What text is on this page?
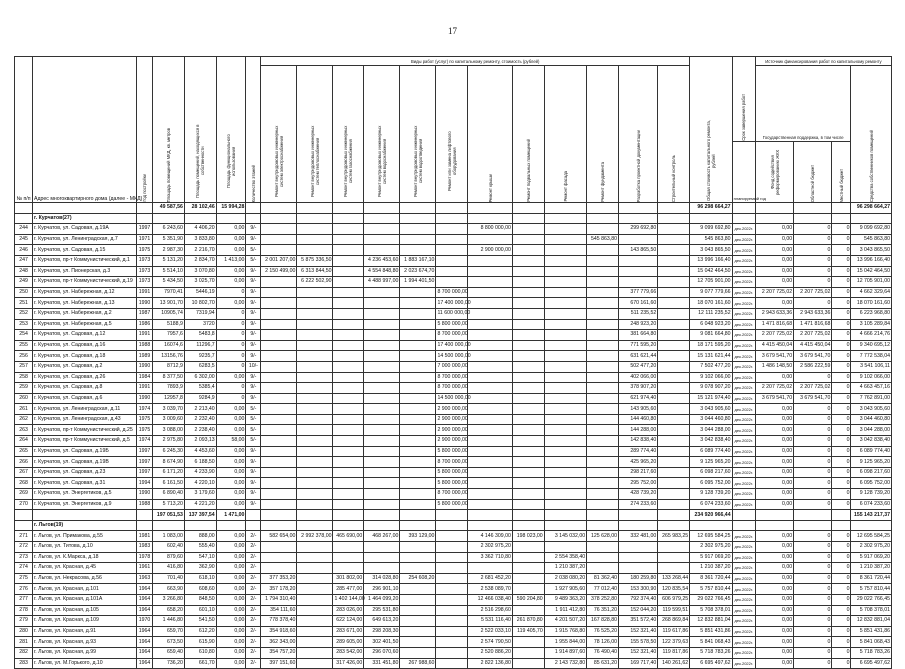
17
№ п/п	Адрес многоквартирного дома (далее - МКД)	Год постройки	Площадь помещений МКД, кв. метров	Площадь помещений, находящихся в собственности	Площадь функционального использования	Количество этажей	Виды работ (услуг) по капитальному ремонту, стоимость (рублей)												Общая стоимость капитального ремонта, рублей	Срок завершения работ	Источник финансирования работ по капитальному ремонту			

							Ремонт внутридомовых инженерных систем электроснабжения	Ремонт внутридомовых инженерных систем теплоснабжения	Ремонт внутридомовых инженерных систем газоснабжения	Ремонт внутридомовых инженерных систем водоснабжения	Ремонт внутридомовых инженерных систем водоотведения	Ремонт или замена лифтового оборудования	Ремонт крыши	Ремонт подвальных помещений	Ремонт фасада	Ремонт фундамента	Разработка проектной документации	Строительный контроль			Государственная поддержка, в том числе			Средства собственников помещений

																				планируемый год	Фонд содействия реформированию ЖКХ	Областной бюджет	Местный бюджет	

			49 587,56	28 102,46	15 994,28														96 298 664,27					96 298 664,27
	г. Курчатов(27)																							
244	г. Курчатов, ул. Садовая, д.19А	1997	6 243,60	4 406,20	0,00	9/-							8 800 000,00				299 692,80		9 099 692,80	дек.2022г.	0,00	0	0	9 099 692,80
245	г. Курчатов, ул. Ленинградская, д.7	1971	5 351,90	3 833,80	0,00	9/-										545 863,80			545 863,80	дек.2022г.	0,00	0	0	545 863,80
246	г. Курчатов, ул. Садовая, д.15	1975	2 987,30	2 216,70	0,00	5/-							2 900 000,00				143 865,50		3 043 865,50	дек.2022г.	0,00	0	0	3 043 865,50
247	г. Курчатов, пр-т Коммунистический, д.1	1973	5 131,20	2 834,70	1 413,00	5/-	2 001 207,00	5 875 336,50		4 236 453,60	1 883 167,10								13 996 166,40	дек.2022г.	0,00	0	0	13 996 166,40
248	г. Курчатов, ул. Пионерская, д.3	1973	5 514,10	3 070,80	0,00	9/-	2 150 499,00	6 313 844,50		4 554 848,80	2 023 674,70								15 042 464,50	дек.2022г.	0,00	0	0	15 042 464,50
249	г. Курчатов, пр-т Коммунистический, д.19	1973	5 434,50	3 025,70	0,00	9/-		6 222 502,90		4 488 997,00	1 994 401,50								12 705 901,00	дек.2022г.	0,00	0	0	12 705 901,00
250	г. Курчатов, ул. Набережная, д.12	1991	7970,41	5446,19	0	9/-						8 700 000,00					377 779,66		9 077 779,66	дек.2022г.	2 207 725,02	2 207 725,02	0	4 662 329,64
251	г. Курчатов, ул. Набережная, д.13	1990	13 901,70	10 802,70	0,00	9/-						17 400 000,00					670 161,60		18 070 161,60	дек.2022г.	0,00	0	0	18 070 161,60
252	г. Курчатов, ул. Набережная, д.2	1987	10905,74	7319,94	0	9/-						11 600 000,00					511 235,52		12 111 235,52	дек.2022г.	2 943 633,36	2 943 633,36	0	6 223 968,80
253	г. Курчатов, ул. Набережная, д.5	1986	5188,9	3720	0	9/-						5 800 000,00					248 923,20		6 048 923,20	дек.2022г.	1 471 816,68	1 471 816,68	0	3 105 289,84
254	г. Курчатов, ул. Садовая, д.12	1991	7957,6	5483,8	0	9/-						8 700 000,00					381 664,80		9 081 664,80	дек.2022г.	2 207 725,02	2 207 725,02	0	4 666 214,76
255	г. Курчатов, ул. Садовая, д.16	1988	16074,6	11296,7	0	9/-						17 400 000,00					771 595,20		18 171 595,20	дек.2022г.	4 415 450,04	4 415 450,04	0	9 340 695,12
256	г. Курчатов, ул. Садовая, д.18	1989	13156,76	9235,7	0	9/-						14 500 000,00					631 621,44		15 131 621,44	дек.2022г.	3 679 541,70	3 679 541,70	0	7 772 538,04
257	г. Курчатов, ул. Садовая, д.2	1990	8712,9	6283,5	0	10/-						7 000 000,00					502 477,20		7 502 477,20	дек.2022г.	1 486 148,50	2 586 222,59	0	3 541 106,11
258	г. Курчатов, ул. Садовая, д.26	1984	8 377,50	6 302,00	0,00	9/-						8 700 000,00					402 066,00		9 102 066,00	дек.2022г.	0,00	0	0	9 102 066,00
259	г. Курчатов, ул. Садовая, д.8	1991	7893,9	5385,4	0	9/-						8 700 000,00					378 907,20		9 078 907,20	дек.2022г.	2 207 725,02	2 207 725,02	0	4 663 457,16
260	г. Курчатов, ул. Садовая, д.6	1990	12957,8	9284,9	0	9/-						14 500 000,00					621 974,40		15 121 974,40	дек.2022г.	3 679 541,70	3 679 541,70	0	7 762 891,00
261	г. Курчатов, ул. Ленинградская, д.11	1974	3 039,70	2 213,40	0,00	5/-						2 900 000,00					143 905,60		3 043 905,60	дек.2022г.	0,00	0	0	3 043 905,60
262	г. Курчатов, ул. Ленинградская, д.43	1975	3 009,60	2 232,40	0,00	5/-						2 900 000,00					144 460,80		3 044 460,80	дек.2022г.	0,00	0	0	3 044 460,80
263	г. Курчатов, пр-т Коммунистический, д.25	1975	3 088,00	2 238,40	0,00	5/-						2 900 000,00					144 288,00		3 044 288,00	дек.2022г.	0,00	0	0	3 044 288,00
264	г. Курчатов, пр-т Коммунистический, д.5	1974	2 975,80	2 093,13	58,00	5/-						2 900 000,00					142 838,40		3 042 838,40	дек.2022г.	0,00	0	0	3 042 838,40
265	г. Курчатов, ул. Садовая, д.19Б	1997	6 245,30	4 453,60	0,00	9/-						5 800 000,00					289 774,40		6 089 774,40	дек.2022г.	0,00	0	0	6 089 774,40
266	г. Курчатов, ул. Садовая, д.19В	1997	8 674,90	6 188,50	0,00	9/-						8 700 000,00					425 965,20		9 125 965,20	дек.2022г.	0,00	0	0	9 125 965,20
267	г. Курчатов, ул. Садовая, д.23	1997	6 171,20	4 233,90	0,00	9/-						5 800 000,00					298 217,60		6 098 217,60	дек.2022г.	0,00	0	0	6 098 217,60
268	г. Курчатов, ул. Садовая, д.31	1994	6 161,50	4 220,10	0,00	9/-						5 800 000,00					295 752,00		6 095 752,00	дек.2022г.	0,00	0	0	6 095 752,00
269	г. Курчатов, ул. Энергетиков, д.5	1990	6 890,40	3 179,60	0,00	9/-						8 700 000,00					428 739,20		9 128 739,20	дек.2022г.	0,00	0	0	9 128 739,20
270	г. Курчатов, ул. Энергетиков, д.9	1988	5 713,20	4 221,20	0,00	9/-						5 800 000,00					274 233,60		6 074 233,60	дек.2022г.	0,00	0	0	6 074 233,60
			197 051,53	137 397,54	1 471,00														234 920 966,44					155 143 217,37
	г. Льгов(19)																							
271	г. Льгов, ул. Примакова, д.55	1981	1 083,00	888,00	0,00	2/-	582 654,00	2 992 378,00	465 690,00	468 267,00	393 129,00		4 146 309,00	198 023,00	3 145 032,00	125 628,00	332 481,00	265 983,25	12 695 584,25	дек.2022г.	0,00	0	0	12 695 584,25
272	г. Льгов, ул. Титова, д.10	1983	602,40	555,40	0,00	2/-							2 302 975,20						2 302 975,20	дек.2022г.	0,00	0	0	2 302 975,20
273	г. Льгов, ул. К.Маркса, д.18	1978	879,60	547,10	0,00	2/-							3 362 710,80		2 554 358,40				5 917 069,20	дек.2022г.	0,00	0	0	5 917 069,20
274	г. Льгов, ул. Красная, д.45	1961	416,80	362,90	0,00	2/-									1 210 387,20				1 210 387,20	дек.2022г.	0,00	0	0	1 210 387,20
275	г. Льгов, ул. Некрасова, д.56	1963	701,40	618,10	0,00	2/-	377 353,20		301 802,00	314 028,80	254 608,20		2 681 452,20		2 038 080,20	81 362,40	180 259,80	133 268,44	8 361 720,44	дек.2022г.	0,00	0	0	8 361 720,44
276	г. Льгов, ул. Красная, д.101	1964	663,90	608,60	0,00	2/-	357 178,20		285 477,00	296 901,10			2 538 089,70		1 927 905,60	77 012,40	153 300,90	120 835,54	5 757 810,44	дек.2022г.	0,00	0	0	5 757 810,44
277	г. Льгов, ул. Красная, д.101А	1964	3 266,80	848,50	0,00	2/-	1 794 310,40		1 402 144,00	1 464 099,20			12 466 038,40	590 204,80	9 489 363,20	378 252,80	792 374,40	606 979,25	29 022 766,45	дек.2022г.	0,00	0	0	29 022 766,45
278	г. Льгов, ул. Красная, д.105	1964	658,20	601,10	0,00	2/-	354 111,60		283 026,00	295 531,80			2 516 298,60		1 911 412,80	76 351,20	152 044,20	119 599,51	5 708 378,01	дек.2022г.	0,00	0	0	5 708 378,01
279	г. Льгов, ул. Красная, д.109	1970	1 446,80	541,50	0,00	2/-	778 378,40		622 124,00	649 613,20			5 531 116,40	261 870,80	4 201 507,20	167 828,80	351 572,40	268 869,84	12 832 881,04	дек.2022г.	0,00	0	0	12 832 881,04
280	г. Льгов, ул. Красная, д.91	1964	659,70	612,20	0,00	2/-	354 918,60		283 671,00	298 208,30			2 522 033,10	119 405,70	1 915 768,80	76 525,20	152 321,40	119 617,86	5 851 431,86	дек.2022г.	0,00	0	0	5 851 431,86
281	г. Льгов, ул. Красная, д.93	1964	673,50	615,90	0,00	2/-	362 343,00		289 605,00	302 401,50			2 574 790,50		1 955 844,00	78 126,00	155 578,50	122 379,63	5 841 068,43	дек.2022г.	0,00	0	0	5 841 068,43
282	г. Льгов, ул. Красная, д.99	1964	659,40	610,80	0,00	2/-	354 757,20		283 542,00	296 070,60			2 520 886,20		1 914 897,60	76 490,40	152 321,40	119 817,86	5 718 783,26	дек.2022г.	0,00	0	0	5 718 783,26
283	г. Льгов, ул. М.Горького, д.10	1964	736,20	661,70	0,00	2/-	397 151,60		317 426,00	331 451,80	267 988,60		2 822 136,80		2 143 732,80	85 631,20	169 717,40	140 261,62	6 695 497,62	дек.2022г.	0,00	0	0	6 695 497,62
